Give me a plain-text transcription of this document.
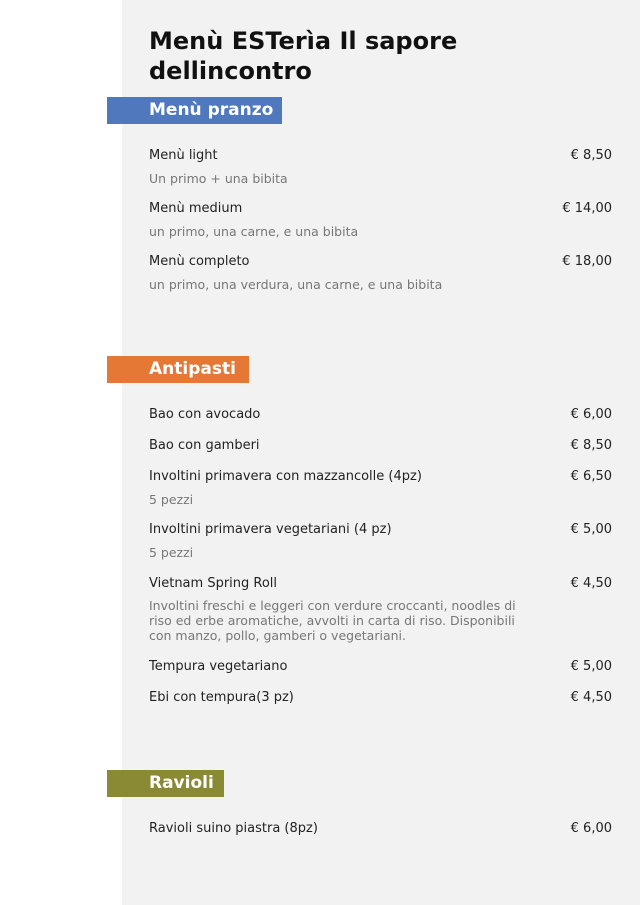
Menù ESTerìa Il sapore dellincontro
Menù pranzo
Menù light	€ 8,50
Un primo + una bibita
Menù medium	€ 14,00
un primo, una carne, e una bibita
Menù completo	€ 18,00
un primo, una verdura, una carne, e una bibita
Antipasti
Bao con avocado	€ 6,00
Bao con gamberi	€ 8,50
Involtini primavera con mazzancolle (4pz)	€ 6,50
5 pezzi
Involtini primavera vegetariani (4 pz)	€ 5,00
5 pezzi
Vietnam Spring Roll	€ 4,50
Involtini freschi e leggeri con verdure croccanti, noodles di riso ed erbe aromatiche, avvolti in carta di riso. Disponibili con manzo, pollo, gamberi o vegetariani.
Tempura vegetariano	€ 5,00
Ebi con tempura(3 pz)	€ 4,50
Ravioli
Ravioli suino piastra (8pz)	€ 6,00
